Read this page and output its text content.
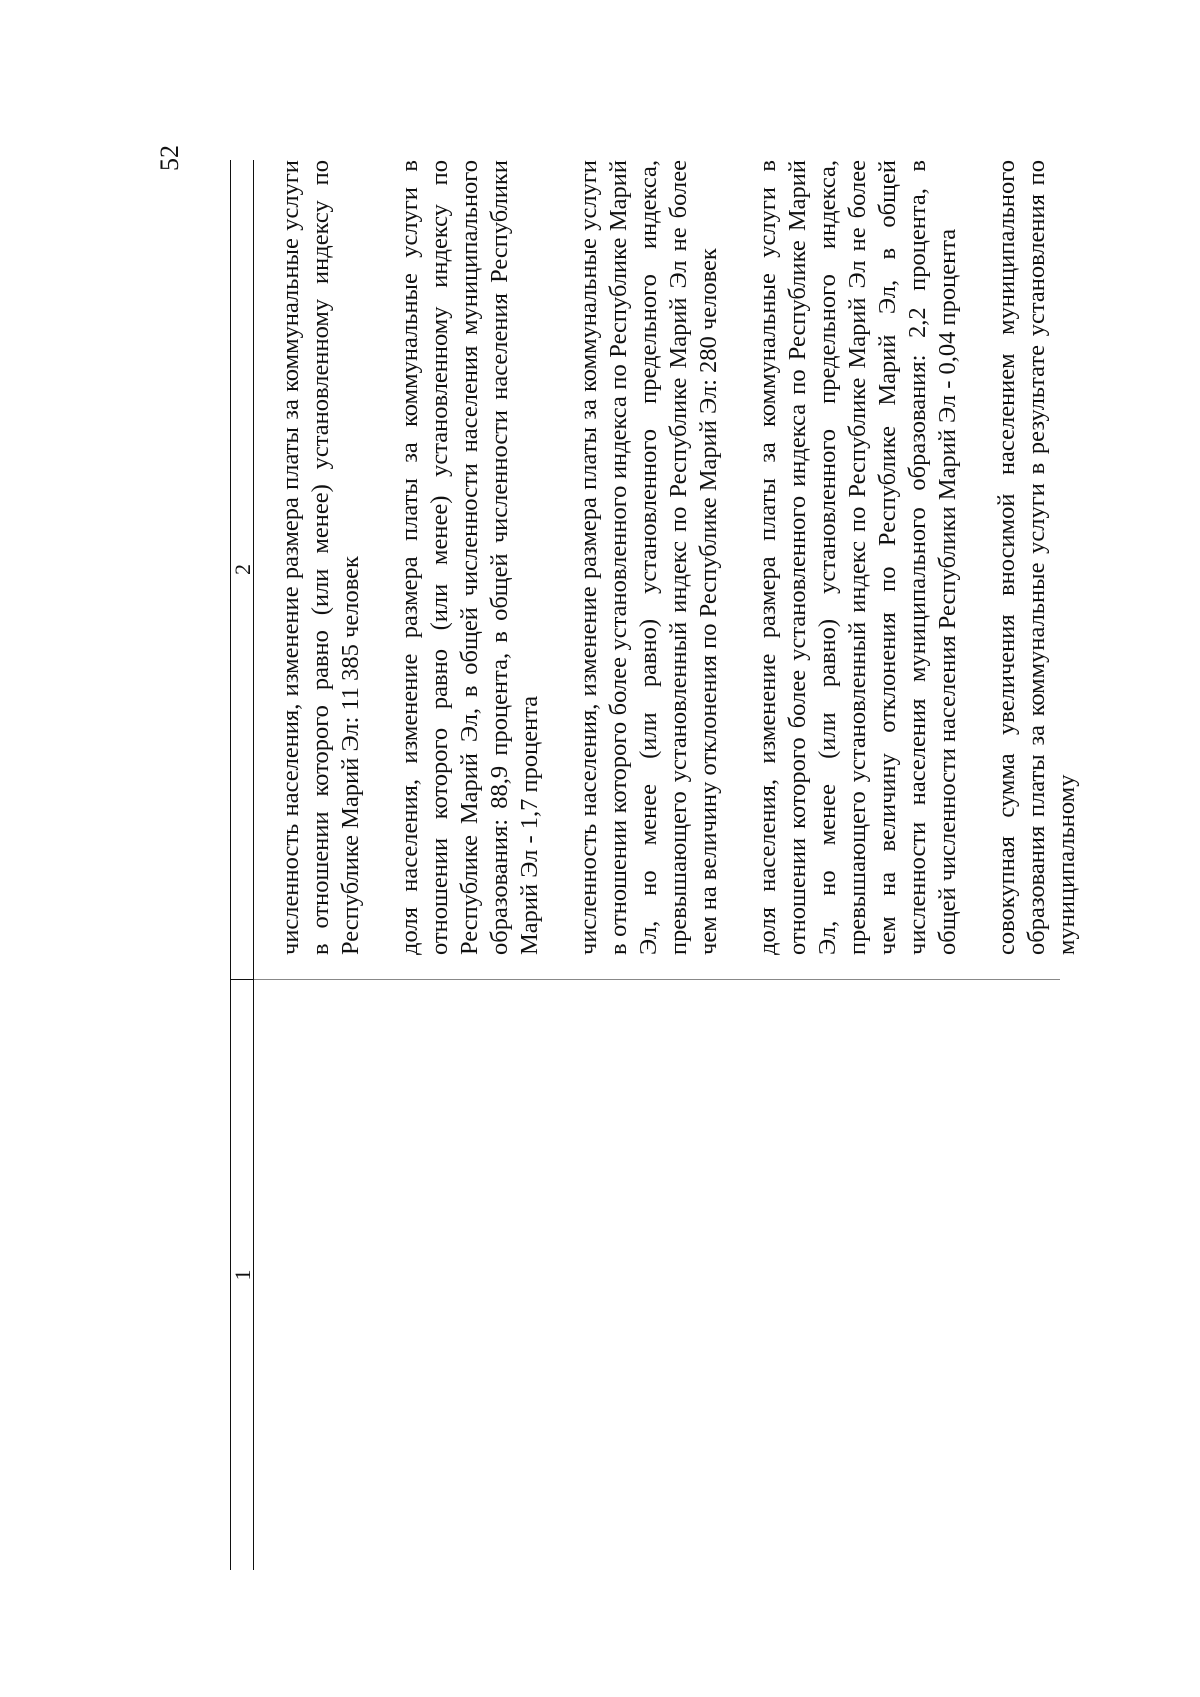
52
1
2 численность населения, изменение размера платы за коммунальные услуги в отношении которого равно (или менее) установленному индексу по Республике Марий Эл: 11 385 человек доля населения, изменение размера платы за коммунальные услуги в отношении которого равно (или менее) установленному индексу по Республике Марий Эл, в общей численности населения муниципального образования: 88,9 процента, в общей численности населения Республики Марий Эл - 1,7 процента численность населения, изменение размера платы за коммунальные услуги в отношении которого более установленного индекса по Республике Марий Эл, но менее (или равно) установленного предельного индекса, превышающего установленный индекс по Республике Марий Эл не более чем на величину отклонения по Республике Марий Эл: 280 человек доля населения, изменение размера платы за коммунальные услуги в отношении которого более установленного индекса по Республике Марий Эл, но менее (или равно) установленного предельного индекса, превышающего установленный индекс по Республике Марий Эл не более чем на величину отклонения по Республике Марий Эл, в общей численности населения муниципального образования: 2,2 процента, в общей численности населения Республики Марий Эл - 0,04 процента совокупная сумма увеличения вносимой населением муниципального образования платы за коммунальные услуги в результате установления по муниципальному
